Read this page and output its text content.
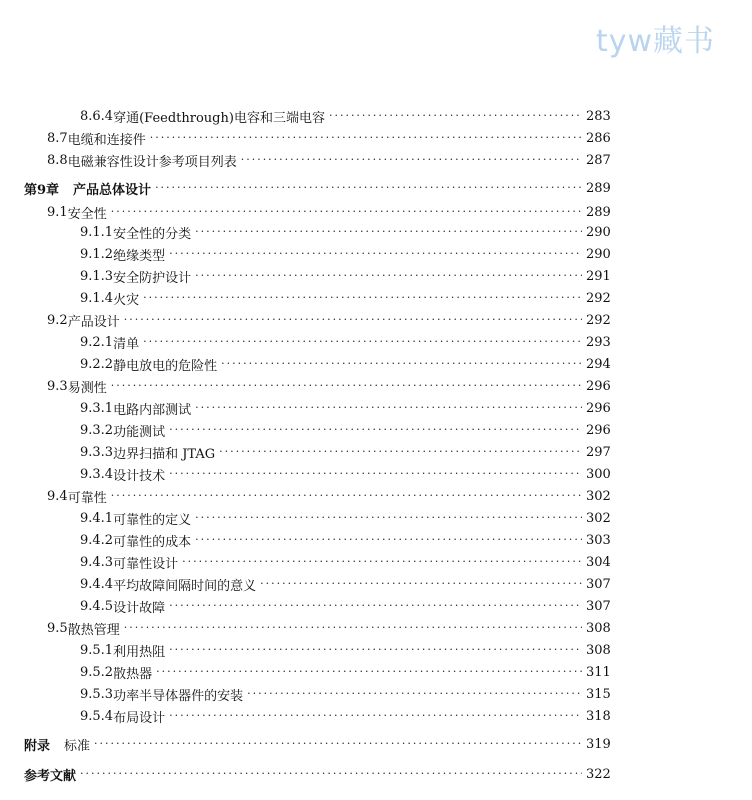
tyw藏书
8.6.4 穿通(Feedthrough)电容和三端电容 ·····	283
8.7 电缆和连接件 ·····	286
8.8 电磁兼容性设计参考项目列表 ·····	287
第9章 产品总体设计 ·····	289
9.1 安全性 ·····	289
9.1.1 安全性的分类 ·····	290
9.1.2 绝缘类型 ·····	290
9.1.3 安全防护设计 ·····	291
9.1.4 火灾 ·····	292
9.2 产品设计 ·····	292
9.2.1 清单 ·····	293
9.2.2 静电放电的危险性 ·····	294
9.3 易测性 ·····	296
9.3.1 电路内部测试 ·····	296
9.3.2 功能测试 ·····	296
9.3.3 边界扫描和 JTAG ·····	297
9.3.4 设计技术 ·····	300
9.4 可靠性 ·····	302
9.4.1 可靠性的定义 ·····	302
9.4.2 可靠性的成本 ·····	303
9.4.3 可靠性设计 ·····	304
9.4.4 平均故障间隔时间的意义 ·····	307
9.4.5 设计故障 ·····	307
9.5 散热管理 ·····	308
9.5.1 利用热阻 ·····	308
9.5.2 散热器 ·····	311
9.5.3 功率半导体器件的安装 ·····	315
9.5.4 布局设计 ·····	318
附录 标准 ·····	319
参考文献 ·····	322
